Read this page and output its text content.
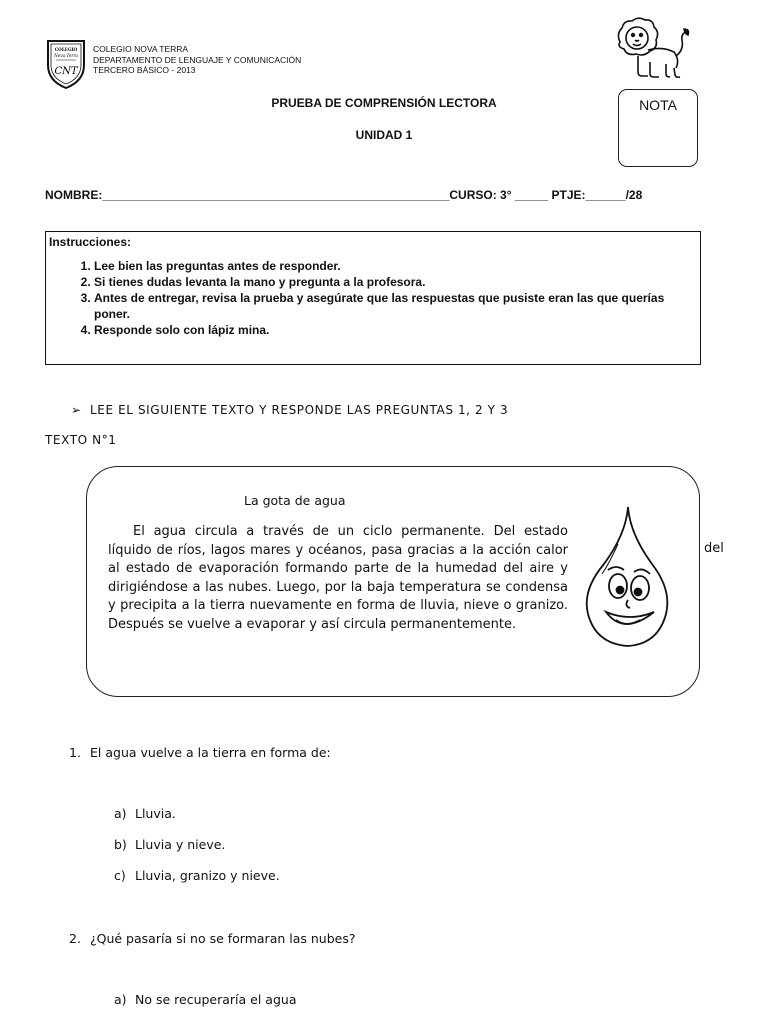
COLEGIO
Nova Terra
CNT
COLEGIO NOVA TERRA
DEPARTAMENTO DE LENGUAJE Y COMUNICACIÓN
TERCERO BÁSICO - 2013
PRUEBA DE COMPRENSIÓN LECTORA
UNIDAD 1
NOTA
NOMBRE:____________________________________________________CURSO: 3° _____ PTJE:______/28
Instrucciones:
1. Lee bien las preguntas antes de responder.
2. Si tienes dudas levanta la mano y pregunta a la profesora.
3. Antes de entregar, revisa la prueba y asegúrate que las respuestas que pusiste eran las que querías poner.
4. Responde solo con lápiz mina.
➢ LEE EL SIGUIENTE TEXTO Y RESPONDE LAS PREGUNTAS 1, 2 Y 3
TEXTO N°1
La gota de agua
El agua circula a través de un ciclo permanente. Del estado líquido de ríos, lagos mares y océanos, pasa gracias a la acción calor al estado de evaporación formando parte de la humedad del aire y dirigiéndose a las nubes. Luego, por la baja temperatura se condensa y precipita a la tierra nuevamente en forma de lluvia, nieve o granizo. Después se vuelve a evaporar y así circula permanentemente.
del
1. El agua vuelve a la tierra en forma de:
a) Lluvia.
b) Lluvia y nieve.
c) Lluvia, granizo y nieve.
2. ¿Qué pasaría si no se formaran las nubes?
a) No se recuperaría el agua
